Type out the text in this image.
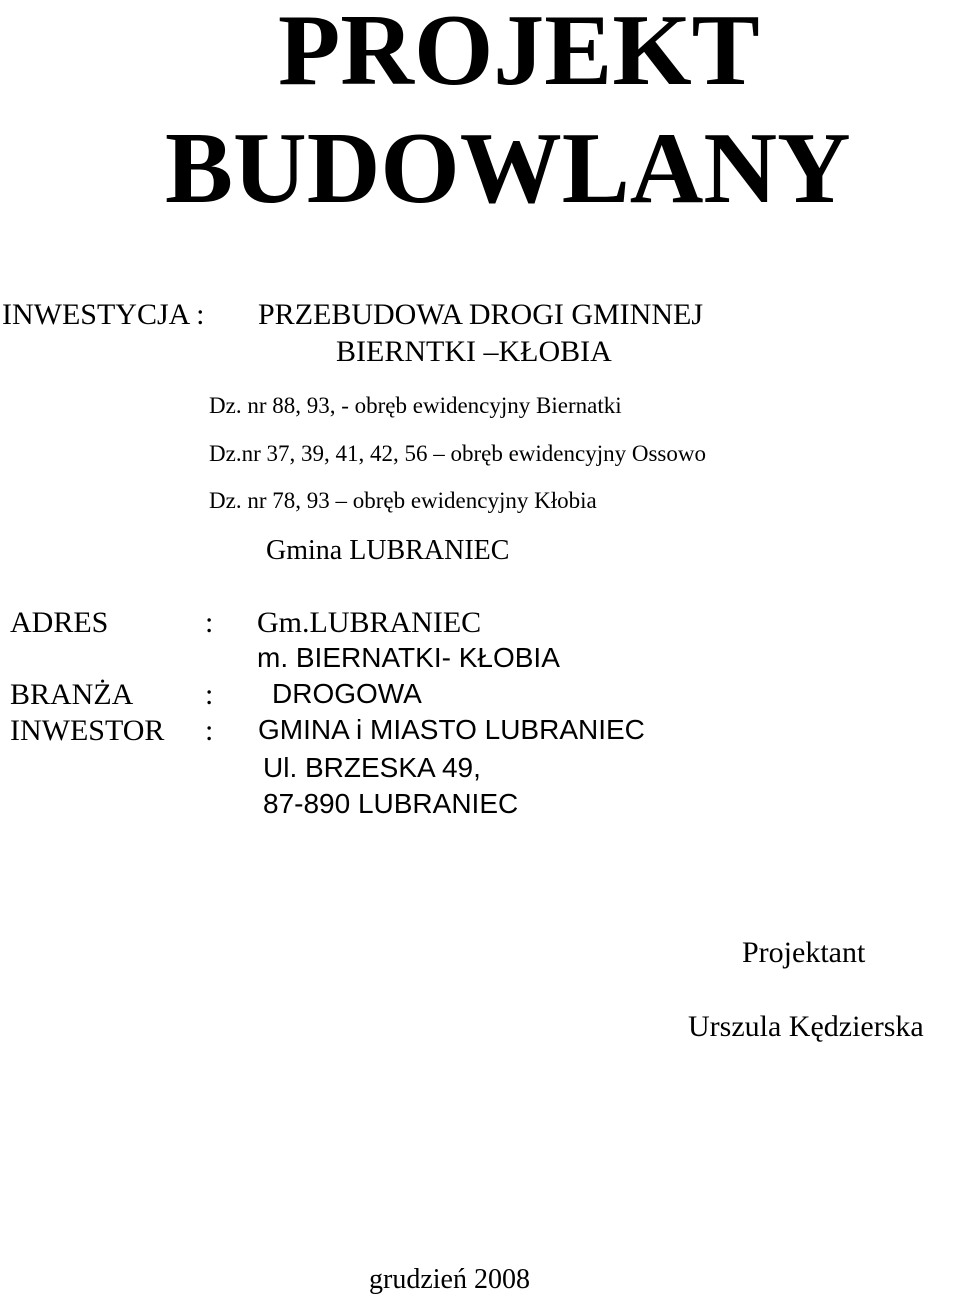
PROJEKT
BUDOWLANY
INWESTYCJA : PRZEBUDOWA DROGI GMINNEJ
BIERNTKI –KŁOBIA
Dz. nr 88, 93, - obręb ewidencyjny Biernatki
Dz.nr 37, 39, 41, 42, 56 – obręb ewidencyjny Ossowo
Dz. nr 78, 93 – obręb ewidencyjny Kłobia
Gmina LUBRANIEC
ADRES	: Gm.LUBRANIEC
m. BIERNATKI- KŁOBIA
BRANŻA : DROGOWA
INWESTOR : GMINA i MIASTO LUBRANIEC
Ul. BRZESKA 49,
87-890 LUBRANIEC
Projektant
Urszula Kędzierska
grudzień 2008
